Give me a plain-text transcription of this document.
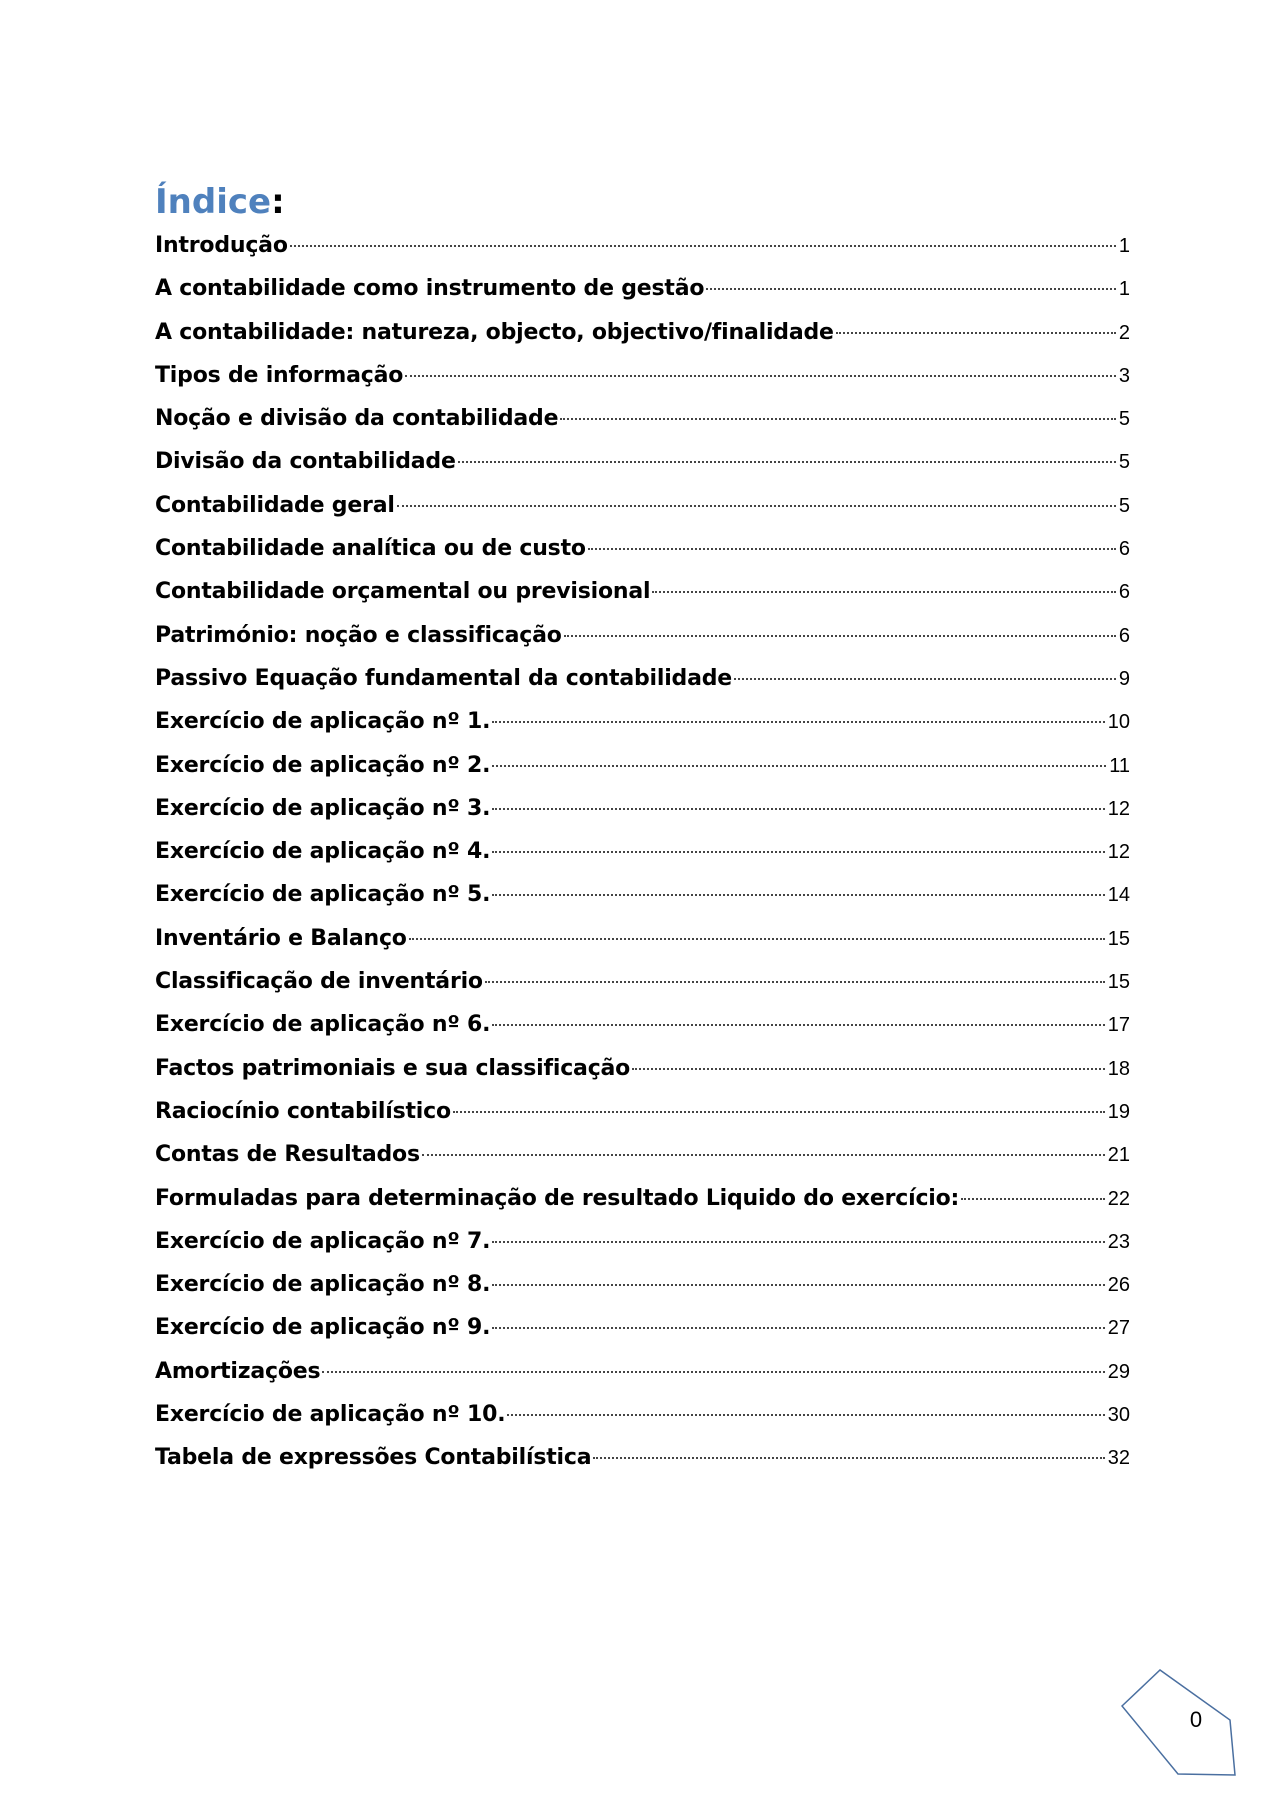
Índice:
Introdução	1
A contabilidade como instrumento de gestão	1
A contabilidade: natureza, objecto, objectivo/finalidade	2
Tipos de informação	3
Noção e divisão da contabilidade	5
Divisão da contabilidade	5
Contabilidade geral	5
Contabilidade analítica ou de custo	6
Contabilidade orçamental ou previsional	6
Património: noção e classificação	6
Passivo Equação fundamental da contabilidade	9
Exercício de aplicação nº 1.	10
Exercício de aplicação nº 2.	11
Exercício de aplicação nº 3.	12
Exercício de aplicação nº 4.	12
Exercício de aplicação nº 5.	14
Inventário e Balanço	15
Classificação de inventário	15
Exercício de aplicação nº 6.	17
Factos patrimoniais e sua classificação	18
Raciocínio contabilístico	19
Contas de Resultados	21
Formuladas para determinação de resultado Liquido do exercício:	22
Exercício de aplicação nº 7.	23
Exercício de aplicação nº 8.	26
Exercício de aplicação nº 9.	27
Amortizações	29
Exercício de aplicação nº 10.	30
Tabela de expressões Contabilística	32
0
